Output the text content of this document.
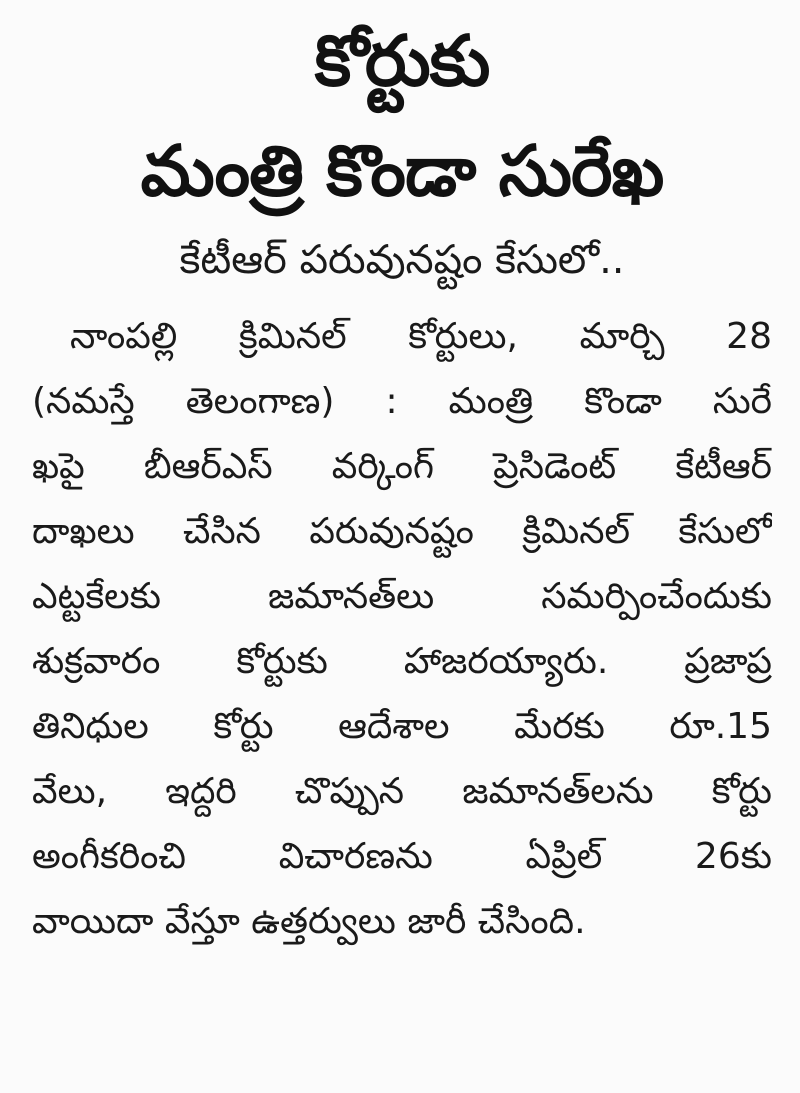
కోర్టుకు
మంత్రి కొండా సురేఖ
కేటీఆర్ పరువునష్టం కేసులో..
నాంపల్లి క్రిమినల్ కోర్టులు, మార్చి 28
(నమస్తే తెలంగాణ) : మంత్రి కొండా సురే
ఖపై బీఆర్ఎస్ వర్కింగ్ ప్రెసిడెంట్ కేటీఆర్
దాఖలు చేసిన పరువునష్టం క్రిమినల్ కేసులో
ఎట్టకేలకు జమానత్‌లు సమర్పించేందుకు
శుక్రవారం కోర్టుకు హాజరయ్యారు. ప్రజాప్ర
తినిధుల కోర్టు ఆదేశాల మేరకు రూ.15
వేలు, ఇద్దరి చొప్పున జమానత్‌లను కోర్టు
అంగీకరించి విచారణను ఏప్రిల్ 26కు
వాయిదా వేస్తూ ఉత్తర్వులు జారీ చేసింది.
